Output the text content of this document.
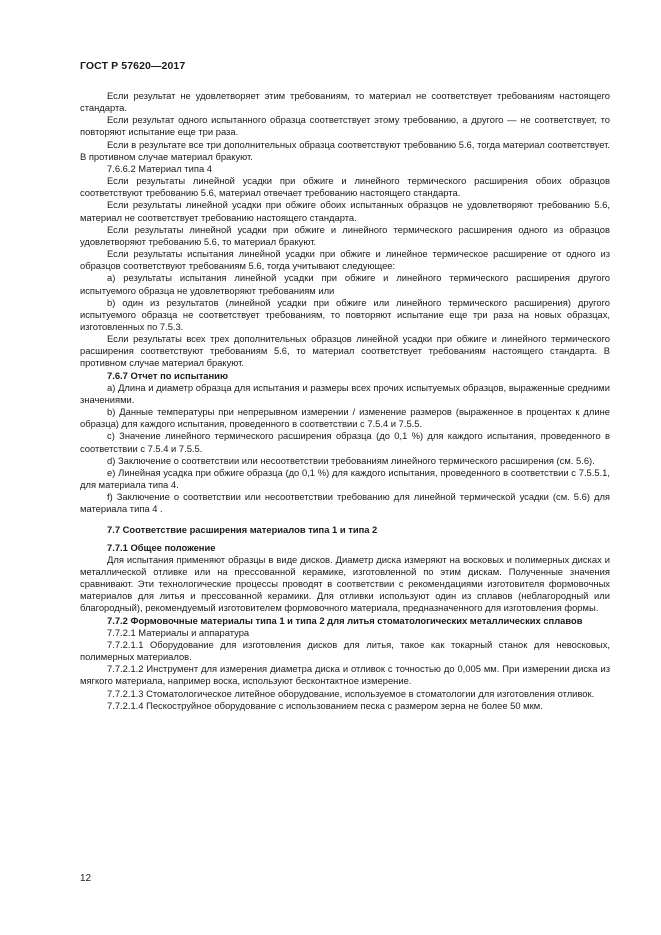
ГОСТ Р 57620—2017

Если результат не удовлетворяет этим требованиям, то материал не соответствует требованиям настоящего стандарта.

Если результат одного испытанного образца соответствует этому требованию, а другого — не соответствует, то повторяют испытание еще три раза.

Если в результате все три дополнительных образца соответствуют требованию 5.6, тогда материал соответствует. В противном случае материал бракуют.

7.6.6.2 Материал типа 4

Если результаты линейной усадки при обжиге и линейного термического расширения обоих образцов соответствуют требованию 5.6, материал отвечает требованию настоящего стандарта.

Если результаты линейной усадки при обжиге обоих испытанных образцов не удовлетворяют требованию 5.6, материал не соответствует требованию настоящего стандарта.

Если результаты линейной усадки при обжиге и линейного термического расширения одного из образцов удовлетворяют требованию 5.6, то материал бракуют.

Если результаты испытания линейной усадки при обжиге и линейное термическое расширение от одного из образцов соответствуют требованиям 5.6, тогда учитывают следующее:

а) результаты испытания линейной усадки при обжиге и линейного термического расширения другого испытуемого образца не удовлетворяют требованиям или

b) один из результатов (линейной усадки при обжиге или линейного термического расширения) другого испытуемого образца не соответствует требованиям, то повторяют испытание еще три раза на новых образцах, изготовленных по 7.5.3.

Если результаты всех трех дополнительных образцов линейной усадки при обжиге и линейного термического расширения соответствуют требованиям 5.6, то материал соответствует требованиям настоящего стандарта. В противном случае материал бракуют.

7.6.7 Отчет по испытанию

а) Длина и диаметр образца для испытания и размеры всех прочих испытуемых образцов, выраженные средними значениями.

b) Данные температуры при непрерывном измерении / изменение размеров (выраженное в процентах к длине образца) для каждого испытания, проведенного в соответствии с 7.5.4 и 7.5.5.

c) Значение линейного термического расширения образца (до 0,1 %) для каждого испытания, проведенного в соответствии с 7.5.4 и 7.5.5.

d) Заключение о соответствии или несоответствии требованиям линейного термического расширения (см. 5.6).

e) Линейная усадка при обжиге образца (до 0,1 %) для каждого испытания, проведенного в соответствии с 7.5.5.1, для материала типа 4.

f) Заключение о соответствии или несоответствии требованию для линейной термической усадки (см. 5.6) для материала типа 4 .

7.7 Соответствие расширения материалов типа 1 и типа 2

7.7.1 Общее положение

Для испытания применяют образцы в виде дисков. Диаметр диска измеряют на восковых и полимерных дисках и металлической отливке или на прессованной керамике, изготовленной по этим дискам. Полученные значения сравнивают. Эти технологические процессы проводят в соответствии с рекомендациями изготовителя формовочных материалов для литья и прессованной керамики. Для отливки используют один из сплавов (неблагородный или благородный), рекомендуемый изготовителем формовочного материала, предназначенного для изготовления формы.

7.7.2 Формовочные материалы типа 1 и типа 2 для литья стоматологических металлических сплавов

7.7.2.1 Материалы и аппаратура

7.7.2.1.1 Оборудование для изготовления дисков для литья, такое как токарный станок для невосковых, полимерных материалов.

7.7.2.1.2 Инструмент для измерения диаметра диска и отливок с точностью до 0,005 мм. При измерении диска из мягкого материала, например воска, используют бесконтактное измерение.

7.7.2.1.3 Стоматологическое литейное оборудование, используемое в стоматологии для изготовления отливок.

7.7.2.1.4 Пескоструйное оборудование с использованием песка с размером зерна не более 50 мкм.

12
